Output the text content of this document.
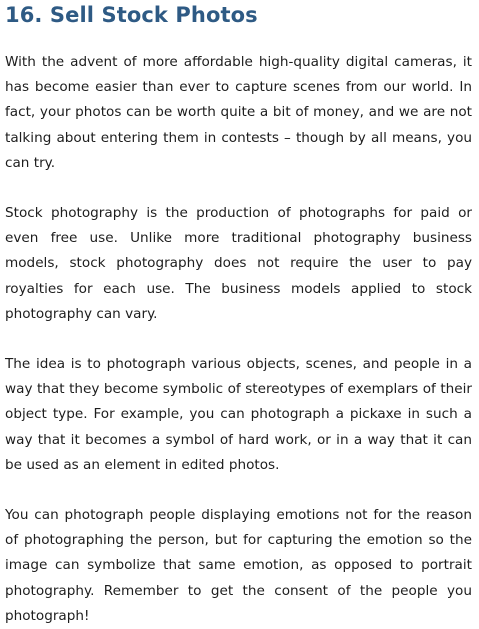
16. Sell Stock Photos

With the advent of more affordable high-quality digital cameras, it has become easier than ever to capture scenes from our world. In fact, your photos can be worth quite a bit of money, and we are not talking about entering them in contests – though by all means, you can try.

Stock photography is the production of photographs for paid or even free use. Unlike more traditional photography business models, stock photography does not require the user to pay royalties for each use. The business models applied to stock photography can vary.

The idea is to photograph various objects, scenes, and people in a way that they become symbolic of stereotypes of exemplars of their object type. For example, you can photograph a pickaxe in such a way that it becomes a symbol of hard work, or in a way that it can be used as an element in edited photos.

You can photograph people displaying emotions not for the reason of photographing the person, but for capturing the emotion so the image can symbolize that same emotion, as opposed to portrait photography. Remember to get the consent of the people you photograph!
